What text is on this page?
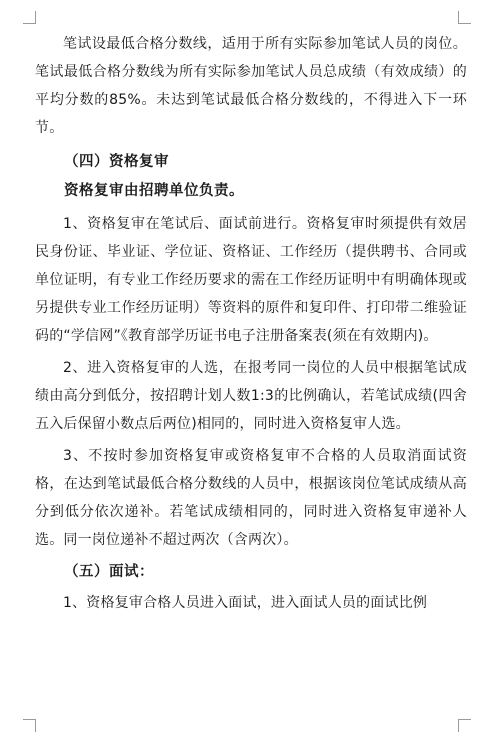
笔试设最低合格分数线，适用于所有实际参加笔试人员的岗位。笔试最低合格分数线为所有实际参加笔试人员总成绩（有效成绩）的平均分数的85%。未达到笔试最低合格分数线的，不得进入下一环节。

（四）资格复审

资格复审由招聘单位负责。

1、资格复审在笔试后、面试前进行。资格复审时须提供有效居民身份证、毕业证、学位证、资格证、工作经历（提供聘书、合同或单位证明，有专业工作经历要求的需在工作经历证明中有明确体现或另提供专业工作经历证明）等资料的原件和复印件、打印带二维验证码的“学信网”《教育部学历证书电子注册备案表(须在有效期内)。

2、进入资格复审的人选，在报考同一岗位的人员中根据笔试成绩由高分到低分，按招聘计划人数1:3的比例确认，若笔试成绩(四舍五入后保留小数点后两位)相同的，同时进入资格复审人选。

3、不按时参加资格复审或资格复审不合格的人员取消面试资格，在达到笔试最低合格分数线的人员中，根据该岗位笔试成绩从高分到低分依次递补。若笔试成绩相同的，同时进入资格复审递补人选。同一岗位递补不超过两次（含两次）。

（五）面试：

1、资格复审合格人员进入面试，进入面试人员的面试比例
